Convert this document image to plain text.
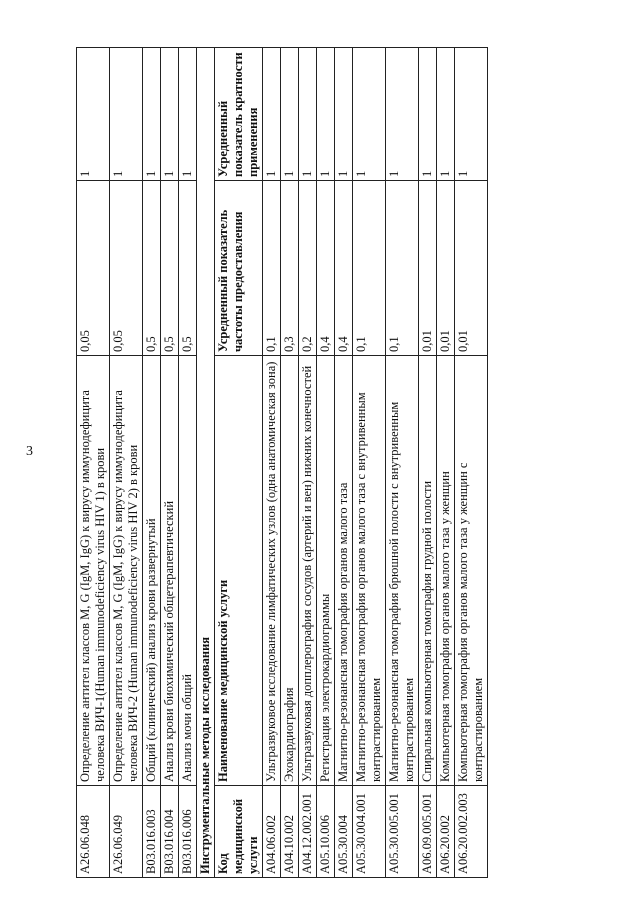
3
A26.06.048	Определение антител классов M, G (IgM, IgG) к вирусу иммунодефицита человека ВИЧ-1(Human immunodeficiency virus HIV 1) в крови	0,05	1
A26.06.049	Определение антител классов M, G (IgM, IgG) к вирусу иммунодефицита человека ВИЧ-2 (Human immunodeficiency virus HIV 2) в крови	0,05	1
B03.016.003	Общий (клинический) анализ крови развернутый	0,5	1
B03.016.004	Анализ крови биохимический общетерапевтический	0,5	1
B03.016.006	Анализ мочи общий	0,5	1
Инструментальные методы исследования			
Код медицинской услуги	Наименование медицинской услуги	Усредненный показатель частоты предоставления	Усредненный показатель кратности применения
A04.06.002	Ультразвуковое исследование лимфатических узлов (одна анатомическая зона)	0,1	1
A04.10.002	Эхокардиография	0,3	1
A04.12.002.001	Ультразвуковая допплерография сосудов (артерий и вен) нижних конечностей	0,2	1
A05.10.006	Регистрация электрокардиограммы	0,4	1
A05.30.004	Магнитно-резонансная томография органов малого таза	0,4	1
A05.30.004.001	Магнитно-резонансная томография органов малого таза с внутривенным контрастированием	0,1	1
A05.30.005.001	Магнитно-резонансная томография брюшной полости с внутривенным контрастированием	0,1	1
A06.09.005.001	Спиральная компьютерная томография грудной полости	0,01	1
A06.20.002	Компьютерная томография органов малого таза у женщин	0,01	1
A06.20.002.003	Компьютерная томография органов малого таза у женщин с контрастированием	0,01	1
